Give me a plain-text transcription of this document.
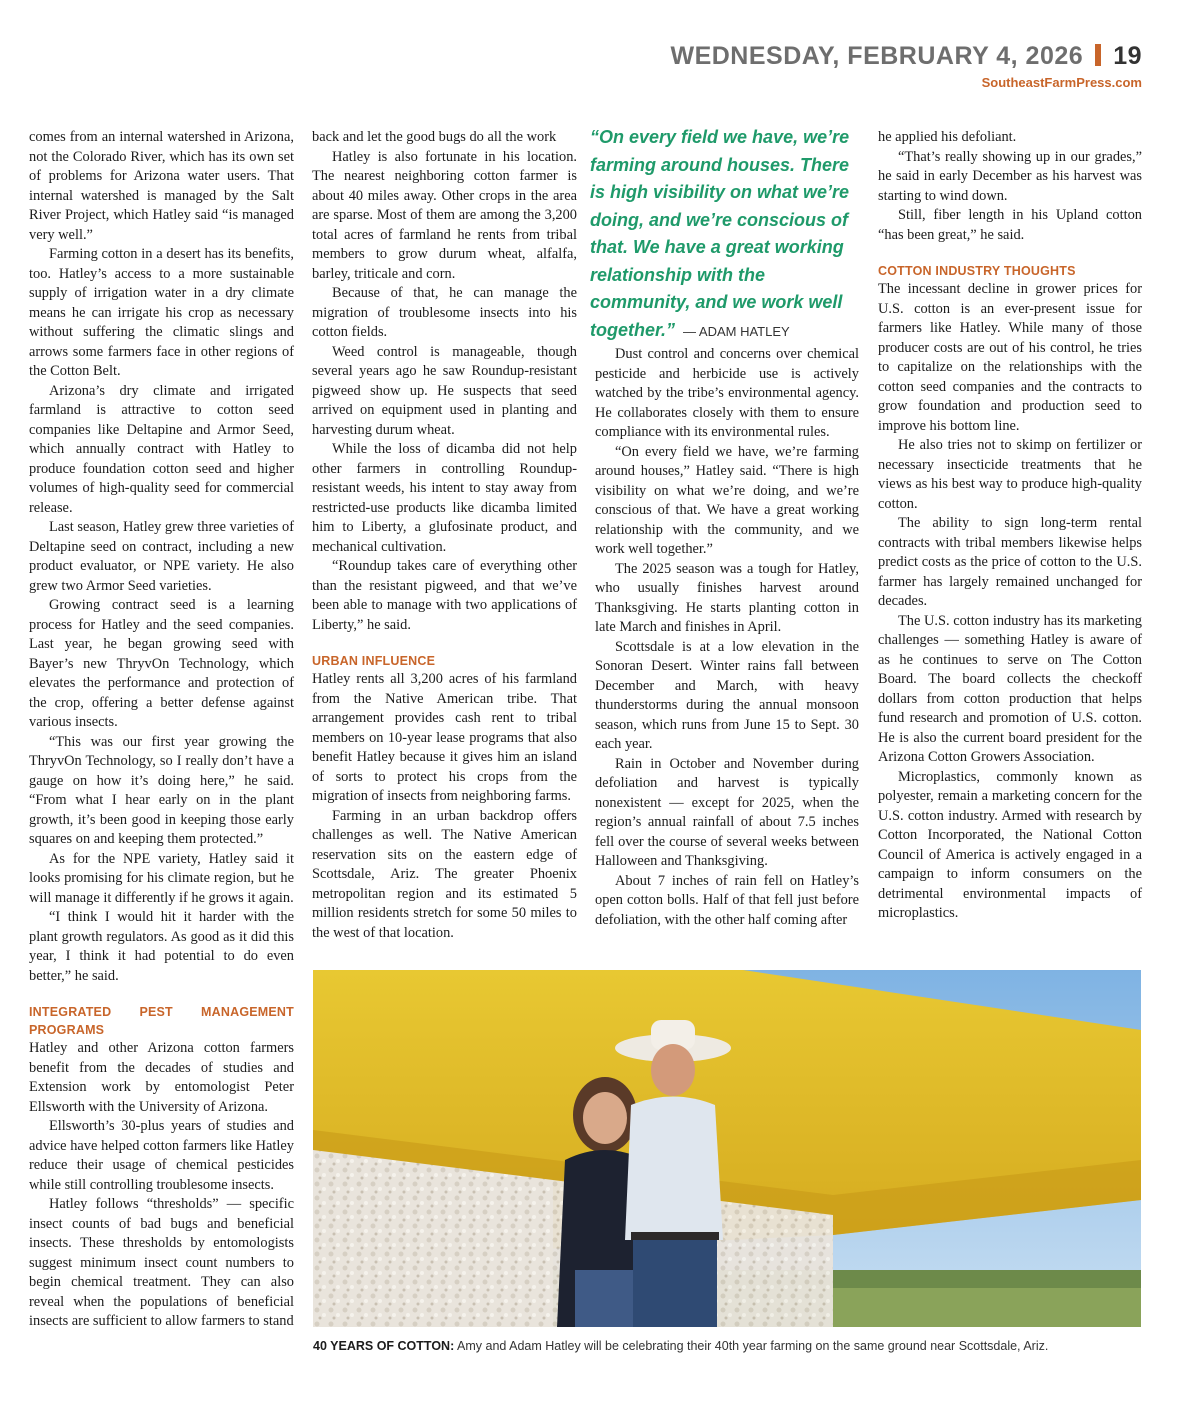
WEDNESDAY, FEBRUARY 4, 2026 19
SoutheastFarmPress.com

comes from an internal watershed in Arizona, not the Colorado River, which has its own set of problems for Arizona water users. That internal watershed is managed by the Salt River Project, which Hatley said “is managed very well.”

Farming cotton in a desert has its benefits, too. Hatley’s access to a more sustainable supply of irrigation water in a dry climate means he can irrigate his crop as necessary without suffering the climatic slings and arrows some farmers face in other regions of the Cotton Belt.

Arizona’s dry climate and irrigated farmland is attractive to cotton seed companies like Deltapine and Armor Seed, which annually contract with Hatley to produce foundation cotton seed and higher volumes of high-quality seed for commercial release.

Last season, Hatley grew three varieties of Deltapine seed on contract, including a new product evaluator, or NPE variety. He also grew two Armor Seed varieties.

Growing contract seed is a learning process for Hatley and the seed companies. Last year, he began growing seed with Bayer’s new ThryvOn Technology, which elevates the performance and protection of the crop, offering a better defense against various insects.

“This was our first year growing the ThryvOn Technology, so I really don’t have a gauge on how it’s doing here,” he said. “From what I hear early on in the plant growth, it’s been good in keeping those early squares on and keeping them protected.”

As for the NPE variety, Hatley said it looks promising for his climate region, but he will manage it differently if he grows it again.

“I think I would hit it harder with the plant growth regulators. As good as it did this year, I think it had potential to do even better,” he said.

INTEGRATED PEST MANAGEMENT PROGRAMS

Hatley and other Arizona cotton farmers benefit from the decades of studies and Extension work by entomologist Peter Ellsworth with the University of Arizona.

Ellsworth’s 30-plus years of studies and advice have helped cotton farmers like Hatley reduce their usage of chemical pesticides while still controlling troublesome insects.

Hatley follows “thresholds” — specific insect counts of bad bugs and beneficial insects. These thresholds by entomologists suggest minimum insect count numbers to begin chemical treatment. They can also reveal when the populations of beneficial insects are sufficient to allow farmers to stand

back and let the good bugs do all the work

Hatley is also fortunate in his location. The nearest neighboring cotton farmer is about 40 miles away. Other crops in the area are sparse. Most of them are among the 3,200 total acres of farmland he rents from tribal members to grow durum wheat, alfalfa, barley, triticale and corn.

Because of that, he can manage the migration of troublesome insects into his cotton fields.

Weed control is manageable, though several years ago he saw Roundup-resistant pigweed show up. He suspects that seed arrived on equipment used in planting and harvesting durum wheat.

While the loss of dicamba did not help other farmers in controlling Roundup-resistant weeds, his intent to stay away from restricted-use products like dicamba limited him to Liberty, a glufosinate product, and mechanical cultivation.

“Roundup takes care of everything other than the resistant pigweed, and that we’ve been able to manage with two applications of Liberty,” he said.

URBAN INFLUENCE

Hatley rents all 3,200 acres of his farmland from the Native American tribe. That arrangement provides cash rent to tribal members on 10-year lease programs that also benefit Hatley because it gives him an island of sorts to protect his crops from the migration of insects from neighboring farms.

Farming in an urban backdrop offers challenges as well. The Native American reservation sits on the eastern edge of Scottsdale, Ariz. The greater Phoenix metropolitan region and its estimated 5 million residents stretch for some 50 miles to the west of that location.

“On every field we have, we’re farming around houses. There is high visibility on what we’re doing, and we’re conscious of that. We have a great working relationship with the community, and we work well together.” — ADAM HATLEY

Dust control and concerns over chemical pesticide and herbicide use is actively watched by the tribe’s environmental agency. He collaborates closely with them to ensure compliance with its environmental rules.

“On every field we have, we’re farming around houses,” Hatley said. “There is high visibility on what we’re doing, and we’re conscious of that. We have a great working relationship with the community, and we work well together.”

The 2025 season was a tough for Hatley, who usually finishes harvest around Thanksgiving. He starts planting cotton in late March and finishes in April.

Scottsdale is at a low elevation in the Sonoran Desert. Winter rains fall between December and March, with heavy thunderstorms during the annual monsoon season, which runs from June 15 to Sept. 30 each year.

Rain in October and November during defoliation and harvest is typically nonexistent — except for 2025, when the region’s annual rainfall of about 7.5 inches fell over the course of several weeks between Halloween and Thanksgiving.

About 7 inches of rain fell on Hatley’s open cotton bolls. Half of that fell just before defoliation, with the other half coming after

he applied his defoliant.

“That’s really showing up in our grades,” he said in early December as his harvest was starting to wind down.

Still, fiber length in his Upland cotton “has been great,” he said.

COTTON INDUSTRY THOUGHTS

The incessant decline in grower prices for U.S. cotton is an ever-present issue for farmers like Hatley. While many of those producer costs are out of his control, he tries to capitalize on the relationships with the cotton seed companies and the contracts to grow foundation and production seed to improve his bottom line.

He also tries not to skimp on fertilizer or necessary insecticide treatments that he views as his best way to produce high-quality cotton.

The ability to sign long-term rental contracts with tribal members likewise helps predict costs as the price of cotton to the U.S. farmer has largely remained unchanged for decades.

The U.S. cotton industry has its marketing challenges — something Hatley is aware of as he continues to serve on The Cotton Board. The board collects the checkoff dollars from cotton production that helps fund research and promotion of U.S. cotton. He is also the current board president for the Arizona Cotton Growers Association.

Microplastics, commonly known as polyester, remain a marketing concern for the U.S. cotton industry. Armed with research by Cotton Incorporated, the National Cotton Council of America is actively engaged in a campaign to inform consumers on the detrimental environmental impacts of microplastics.

40 YEARS OF COTTON: Amy and Adam Hatley will be celebrating their 40th year farming on the same ground near Scottsdale, Ariz.
